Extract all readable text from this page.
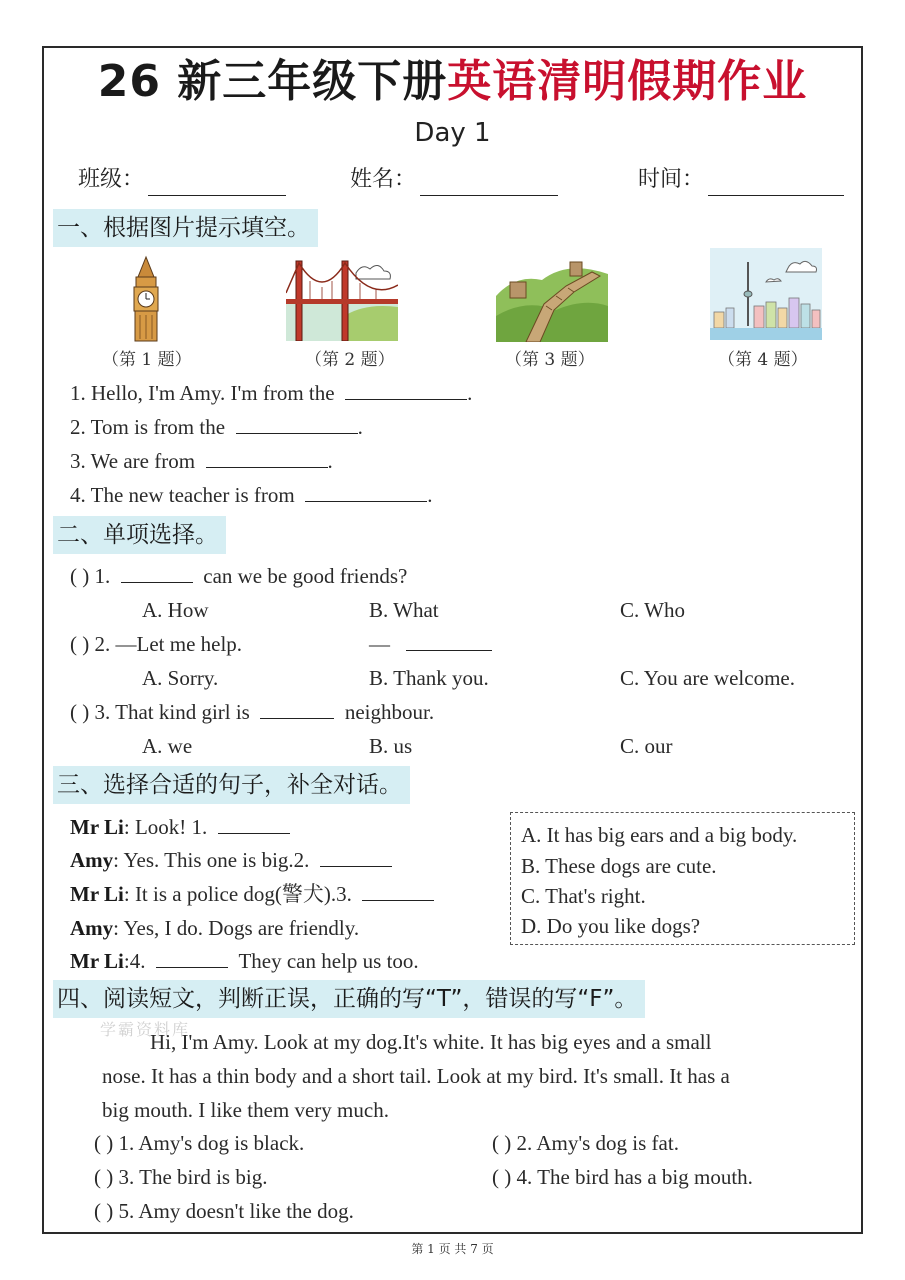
26 新三年级下册英语清明假期作业
Day 1
班级：	姓名：	时间：
一、根据图片提示填空。
（第 1 题）	（第 2 题）	（第 3 题）	（第 4 题）
1. Hello, I'm Amy. I'm from the	.
2. Tom is from the	.
3. We are from	.
4. The new teacher is from	.
二、单项选择。
( ) 1.	can we be good friends?
A. How	B. What	C. Who
( ) 2. —Let me help.	—
A. Sorry.	B. Thank you.	C. You are welcome.
( ) 3. That kind girl is	neighbour.
A. we	B. us	C. our
三、选择合适的句子，补全对话。
Mr Li: Look! 1.
Amy: Yes. This one is big.2.
Mr Li: It is a police dog(警犬).3.
Amy: Yes, I do. Dogs are friendly.
Mr Li:4.	They can help us too.
A. It has big ears and a big body.
B. These dogs are cute.
C. That's right.
D. Do you like dogs?
四、阅读短文，判断正误，正确的写“T”，错误的写“F”。
学霸资料库
Hi, I'm Amy. Look at my dog.It's white. It has big eyes and a small
nose. It has a thin body and a short tail. Look at my bird. It's small. It has a
big mouth. I like them very much.
( ) 1. Amy's dog is black.	( ) 2. Amy's dog is fat.
( ) 3. The bird is big.	( ) 4. The bird has a big mouth.
( ) 5. Amy doesn't like the dog.
第 1 页 共 7 页
